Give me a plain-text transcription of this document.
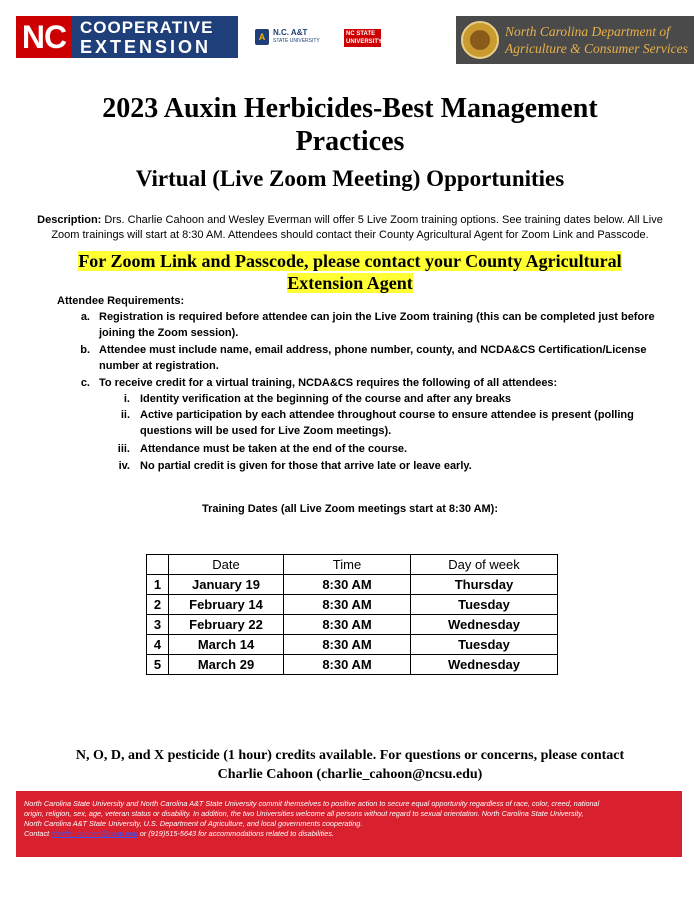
NC COOPERATIVE
EXTENSION	A N.C. A&T
STATE UNIVERSITY
NC STATE
UNIVERSITY
North Carolina Department of
Agriculture & Consumer Services
2023 Auxin Herbicides-Best Management
Practices
Virtual (Live Zoom Meeting) Opportunities
Description: Drs. Charlie Cahoon and Wesley Everman will offer 5 Live Zoom training options. See training dates below. All Live Zoom trainings will start at 8:30 AM. Attendees should contact their County Agricultural Agent for Zoom Link and Passcode.
For Zoom Link and Passcode, please contact your County Agricultural
Extension Agent
Attendee Requirements:
a. Registration is required before attendee can join the Live Zoom training (this can be completed just before
joining the Zoom session).
b. Attendee must include name, email address, phone number, county, and NCDA&CS Certification/License
number at registration.
c. To receive credit for a virtual training, NCDA&CS requires the following of all attendees:
i. Identity verification at the beginning of the course and after any breaks
ii. Active participation by each attendee throughout course to ensure attendee is present (polling
questions will be used for Live Zoom meetings).
iii. Attendance must be taken at the end of the course.
iv. No partial credit is given for those that arrive late or leave early.
Training Dates (all Live Zoom meetings start at 8:30 AM):
	Date	Time	Day of week
1	January 19	8:30 AM	Thursday
2	February 14	8:30 AM	Tuesday
3	February 22	8:30 AM	Wednesday
4	March 14	8:30 AM	Tuesday
5	March 29	8:30 AM	Wednesday
N, O, D, and X pesticide (1 hour) credits available. For questions or concerns, please contact
Charlie Cahoon (charlie_cahoon@ncsu.edu)
North Carolina State University and North Carolina A&T State University commit themselves to positive action to secure equal opportunity regardless of race, color, creed, national
origin, religion, sex, age, veteran status or disability. In addition, the two Universities welcome all persons without regard to sexual orientation. North Carolina State University,
North Carolina A&T State University, U.S. Department of Agriculture, and local governments cooperating.
Contact charlie_cahoon@ncsu.edu or (919)515-5643 for accommodations related to disabilities.
